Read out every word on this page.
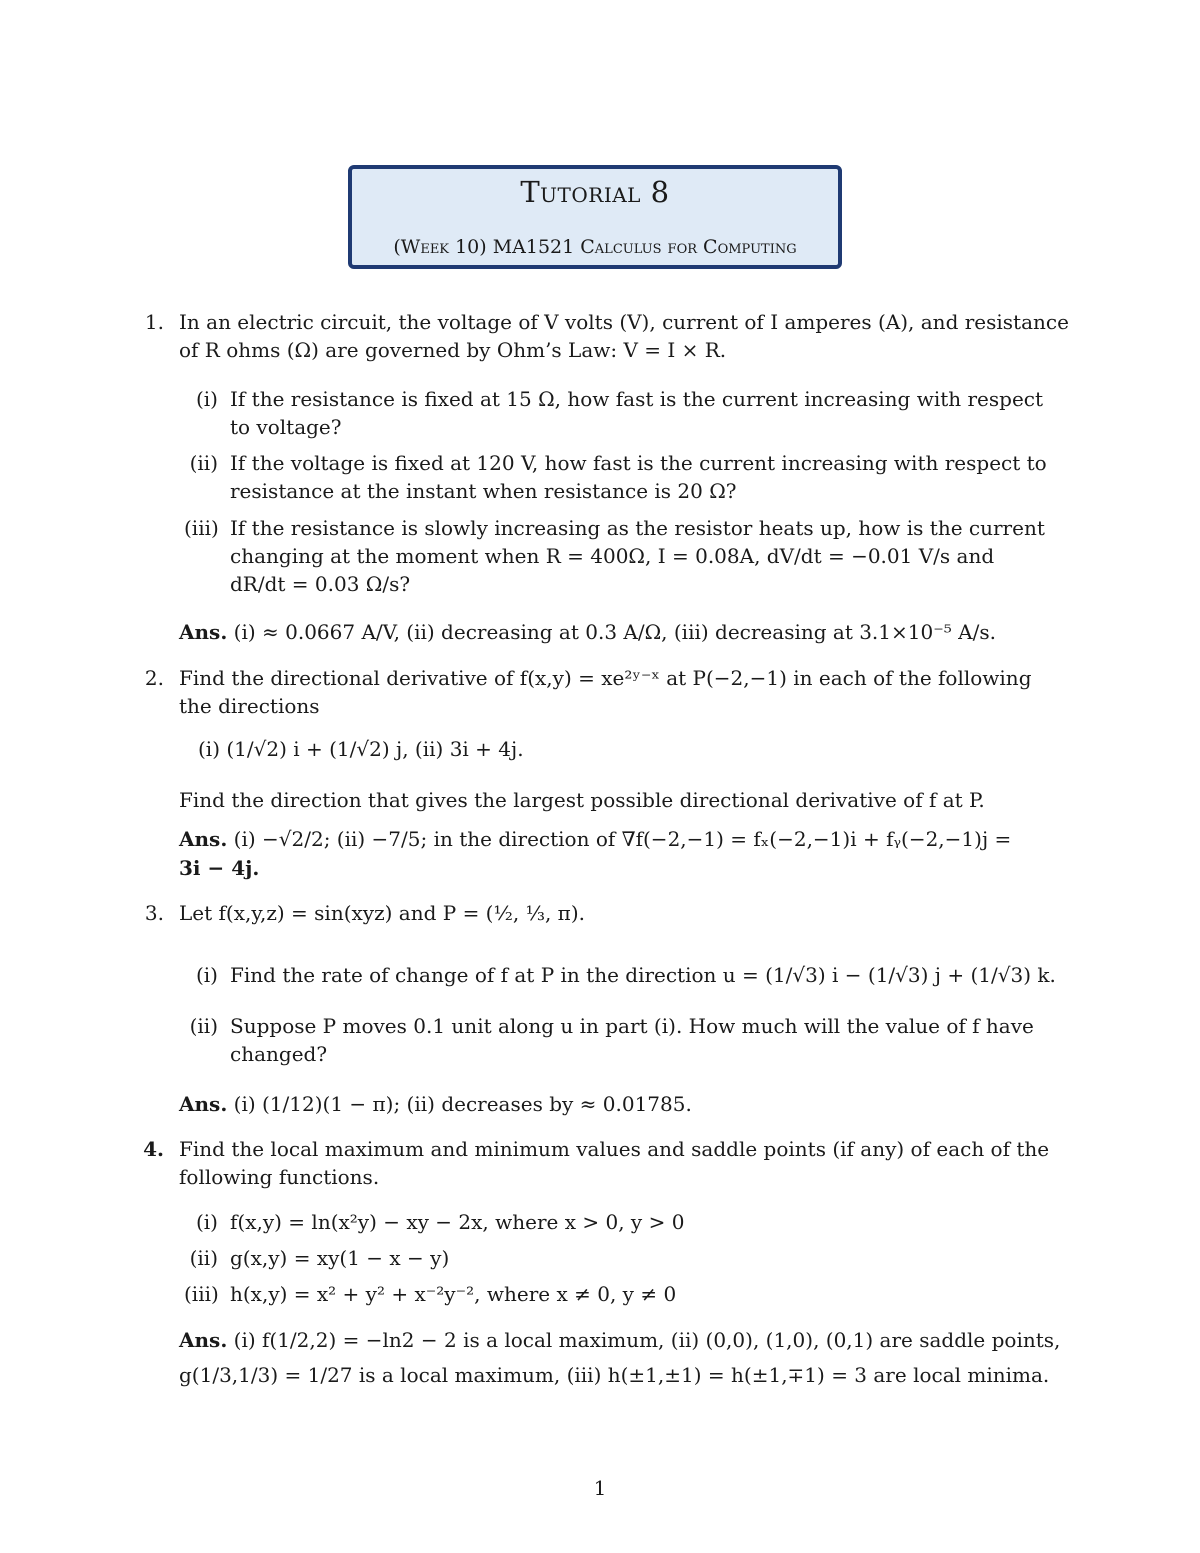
Tutorial 8
(Week 10) MA1521 Calculus for Computing
1. In an electric circuit, the voltage of V volts (V), current of I amperes (A), and resistance
of R ohms (Ω) are governed by Ohm’s Law: V = I × R.
(i) If the resistance is fixed at 15 Ω, how fast is the current increasing with respect
to voltage?
(ii) If the voltage is fixed at 120 V, how fast is the current increasing with respect to
resistance at the instant when resistance is 20 Ω?
(iii) If the resistance is slowly increasing as the resistor heats up, how is the current
changing at the moment when R = 400Ω, I = 0.08A, dV/dt = −0.01 V/s and
dR/dt = 0.03 Ω/s?
Ans. (i) ≈ 0.0667 A/V, (ii) decreasing at 0.3 A/Ω, (iii) decreasing at 3.1×10⁻⁵ A/s.
2. Find the directional derivative of f(x,y) = xe²ʸ⁻ˣ at P(−2,−1) in each of the following
the directions
(i) (1/√2) i + (1/√2) j, (ii) 3i + 4j.
Find the direction that gives the largest possible directional derivative of f at P.
Ans. (i) −√2/2; (ii) −7/5; in the direction of ∇f(−2,−1) = fₓ(−2,−1)i + fᵧ(−2,−1)j =
3i − 4j.
3. Let f(x,y,z) = sin(xyz) and P = (½, ⅓, π).
(i) Find the rate of change of f at P in the direction u = (1/√3) i − (1/√3) j + (1/√3) k.
(ii) Suppose P moves 0.1 unit along u in part (i). How much will the value of f have
changed?
Ans. (i) (1/12)(1 − π); (ii) decreases by ≈ 0.01785.
4. Find the local maximum and minimum values and saddle points (if any) of each of the
following functions.
(i) f(x,y) = ln(x²y) − xy − 2x, where x > 0, y > 0
(ii) g(x,y) = xy(1 − x − y)
(iii) h(x,y) = x² + y² + x⁻²y⁻², where x ≠ 0, y ≠ 0
Ans. (i) f(1/2,2) = −ln2 − 2 is a local maximum, (ii) (0,0), (1,0), (0,1) are saddle points,
g(1/3,1/3) = 1/27 is a local maximum, (iii) h(±1,±1) = h(±1,∓1) = 3 are local minima.
1
